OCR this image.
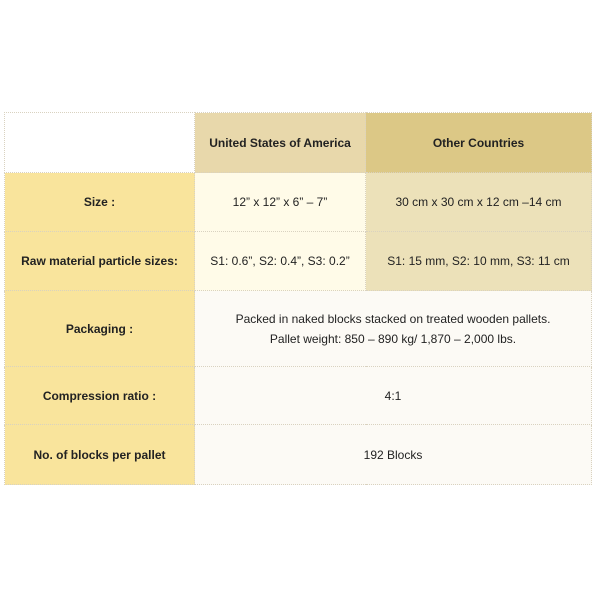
	United States of America	Other Countries
Size :	12” x 12” x 6” – 7”	30 cm x 30 cm x 12 cm –14 cm
Raw material particle sizes:	S1: 0.6”, S2: 0.4”, S3: 0.2”	S1: 15 mm, S2: 10 mm, S3: 11 cm
Packaging :	Packed in naked blocks stacked on treated wooden pallets.
Pallet weight: 850 – 890 kg/ 1,870 – 2,000 lbs.	

Compression ratio :	4:1	
No. of blocks per pallet	192 Blocks	
